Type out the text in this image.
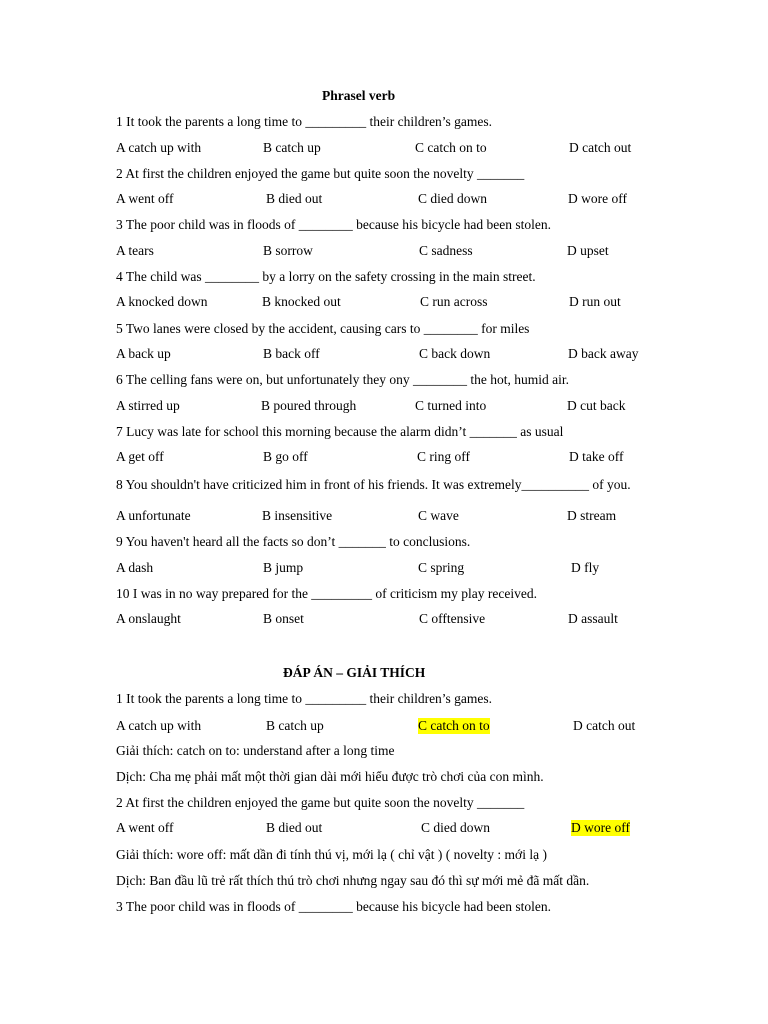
Phrasel verb
1 It took the parents a long time to _________ their children’s games.
A catch up with	B catch up	C catch on to	D catch out
2 At first the children enjoyed the game but quite soon the novelty _______
A went off	B died out	C died down	D wore off
3 The poor child was in floods of ________ because his bicycle had been stolen.
A tears	B sorrow	C sadness	D upset
4 The child was ________ by a lorry on the safety crossing in the main street.
A knocked down	B knocked out	C run across	D run out
5 Two lanes were closed by the accident, causing cars to ________ for miles
A back up	B back off	C back down	D back away
6 The celling fans were on, but unfortunately they ony ________ the hot, humid air.
A stirred up	B poured through	C turned into	D cut back
7 Lucy was late for school this morning because the alarm didn’t _______ as usual
A get off	B go off	C ring off	D take off
8 You shouldn't have criticized him in front of his friends. It was extremely__________ of you.
A unfortunate	B insensitive	C wave	D stream
9 You haven't heard all the facts so don’t _______ to conclusions.
A dash	B jump	C spring	D fly
10 I was in no way prepared for the _________ of criticism my play received.
A onslaught	B onset	C offtensive	D assault
ĐÁP ÁN – GIẢI THÍCH
1 It took the parents a long time to _________ their children’s games.
A catch up with	B catch up	C catch on to	D catch out
Giải thích: catch on to: understand after a long time
Dịch: Cha mẹ phải mất một thời gian dài mới hiểu được trò chơi của con mình.
2 At first the children enjoyed the game but quite soon the novelty _______
A went off	B died out	C died down	D wore off
Giải thích: wore off: mất dần đi tính thú vị, mới lạ ( chỉ vật ) ( novelty : mới lạ )
Dịch: Ban đầu lũ trẻ rất thích thú trò chơi nhưng ngay sau đó thì sự mới mẻ đã mất dần.
3 The poor child was in floods of ________ because his bicycle had been stolen.
